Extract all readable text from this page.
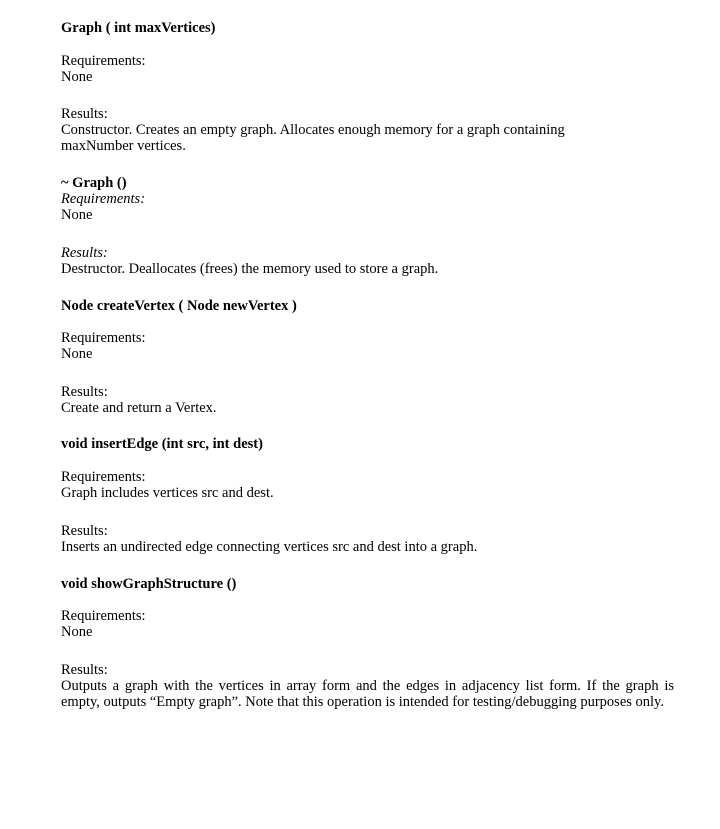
Graph ( int maxVertices)
Requirements:
None
Results:
Constructor. Creates an empty graph. Allocates enough memory for a graph containing
maxNumber vertices.
~ Graph ()
Requirements:
None
Results:
Destructor. Deallocates (frees) the memory used to store a graph.
Node createVertex ( Node newVertex )
Requirements:
None
Results:
Create and return a Vertex.
void insertEdge (int src, int dest)
Requirements:
Graph includes vertices src and dest.
Results:
Inserts an undirected edge connecting vertices src and dest into a graph.
void showGraphStructure ()
Requirements:
None
Results:
Outputs a graph with the vertices in array form and the edges in adjacency list form. If the graph is empty, outputs “Empty graph”. Note that this operation is intended for testing/debugging purposes only.
